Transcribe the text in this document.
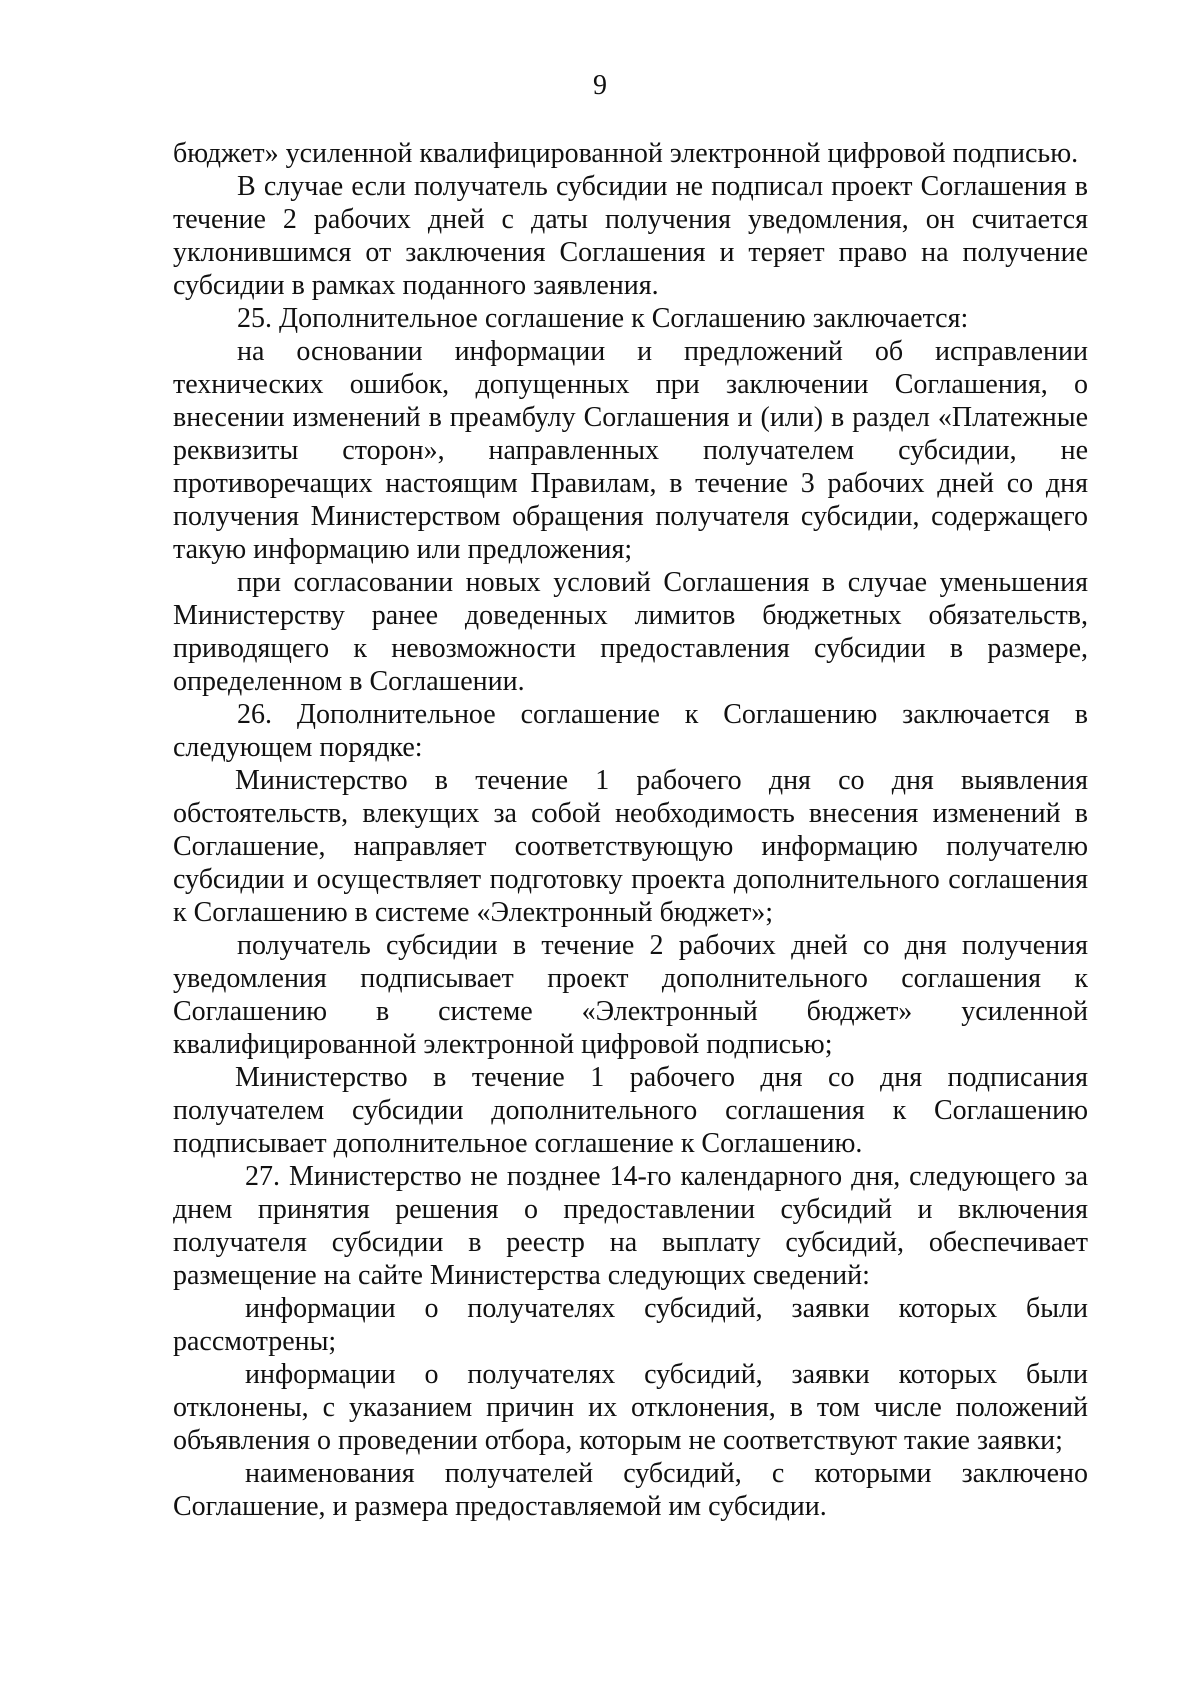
9

бюджет» усиленной квалифицированной электронной цифровой подписью.

В случае если получатель субсидии не подписал проект Соглашения в течение 2 рабочих дней с даты получения уведомления, он считается уклонившимся от заключения Соглашения и теряет право на получение субсидии в рамках поданного заявления.

25. Дополнительное соглашение к Соглашению заключается:

на основании информации и предложений об исправлении технических ошибок, допущенных при заключении Соглашения, о внесении изменений в преамбулу Соглашения и (или) в раздел «Платежные реквизиты сторон», направленных получателем субсидии, не противоречащих настоящим Правилам, в течение 3 рабочих дней со дня получения Министерством обращения получателя субсидии, содержащего такую информацию или предложения;

при согласовании новых условий Соглашения в случае уменьшения Министерству ранее доведенных лимитов бюджетных обязательств, приводящего к невозможности предоставления субсидии в размере, определенном в Соглашении.

26. Дополнительное соглашение к Соглашению заключается в следующем порядке:

Министерство в течение 1 рабочего дня со дня выявления обстоятельств, влекущих за собой необходимость внесения изменений в Соглашение, направляет соответствующую информацию получателю субсидии и осуществляет подготовку проекта дополнительного соглашения к Соглашению в системе «Электронный бюджет»;

получатель субсидии в течение 2 рабочих дней со дня получения уведомления подписывает проект дополнительного соглашения к Соглашению в системе «Электронный бюджет» усиленной квалифицированной электронной цифровой подписью;

Министерство в течение 1 рабочего дня со дня подписания получателем субсидии дополнительного соглашения к Соглашению подписывает дополнительное соглашение к Соглашению.

27. Министерство не позднее 14-го календарного дня, следующего за днем принятия решения о предоставлении субсидий и включения получателя субсидии в реестр на выплату субсидий, обеспечивает размещение на сайте Министерства следующих сведений:

информации о получателях субсидий, заявки которых были рассмотрены;

информации о получателях субсидий, заявки которых были отклонены, с указанием причин их отклонения, в том числе положений объявления о проведении отбора, которым не соответствуют такие заявки;

наименования получателей субсидий, с которыми заключено Соглашение, и размера предоставляемой им субсидии.
